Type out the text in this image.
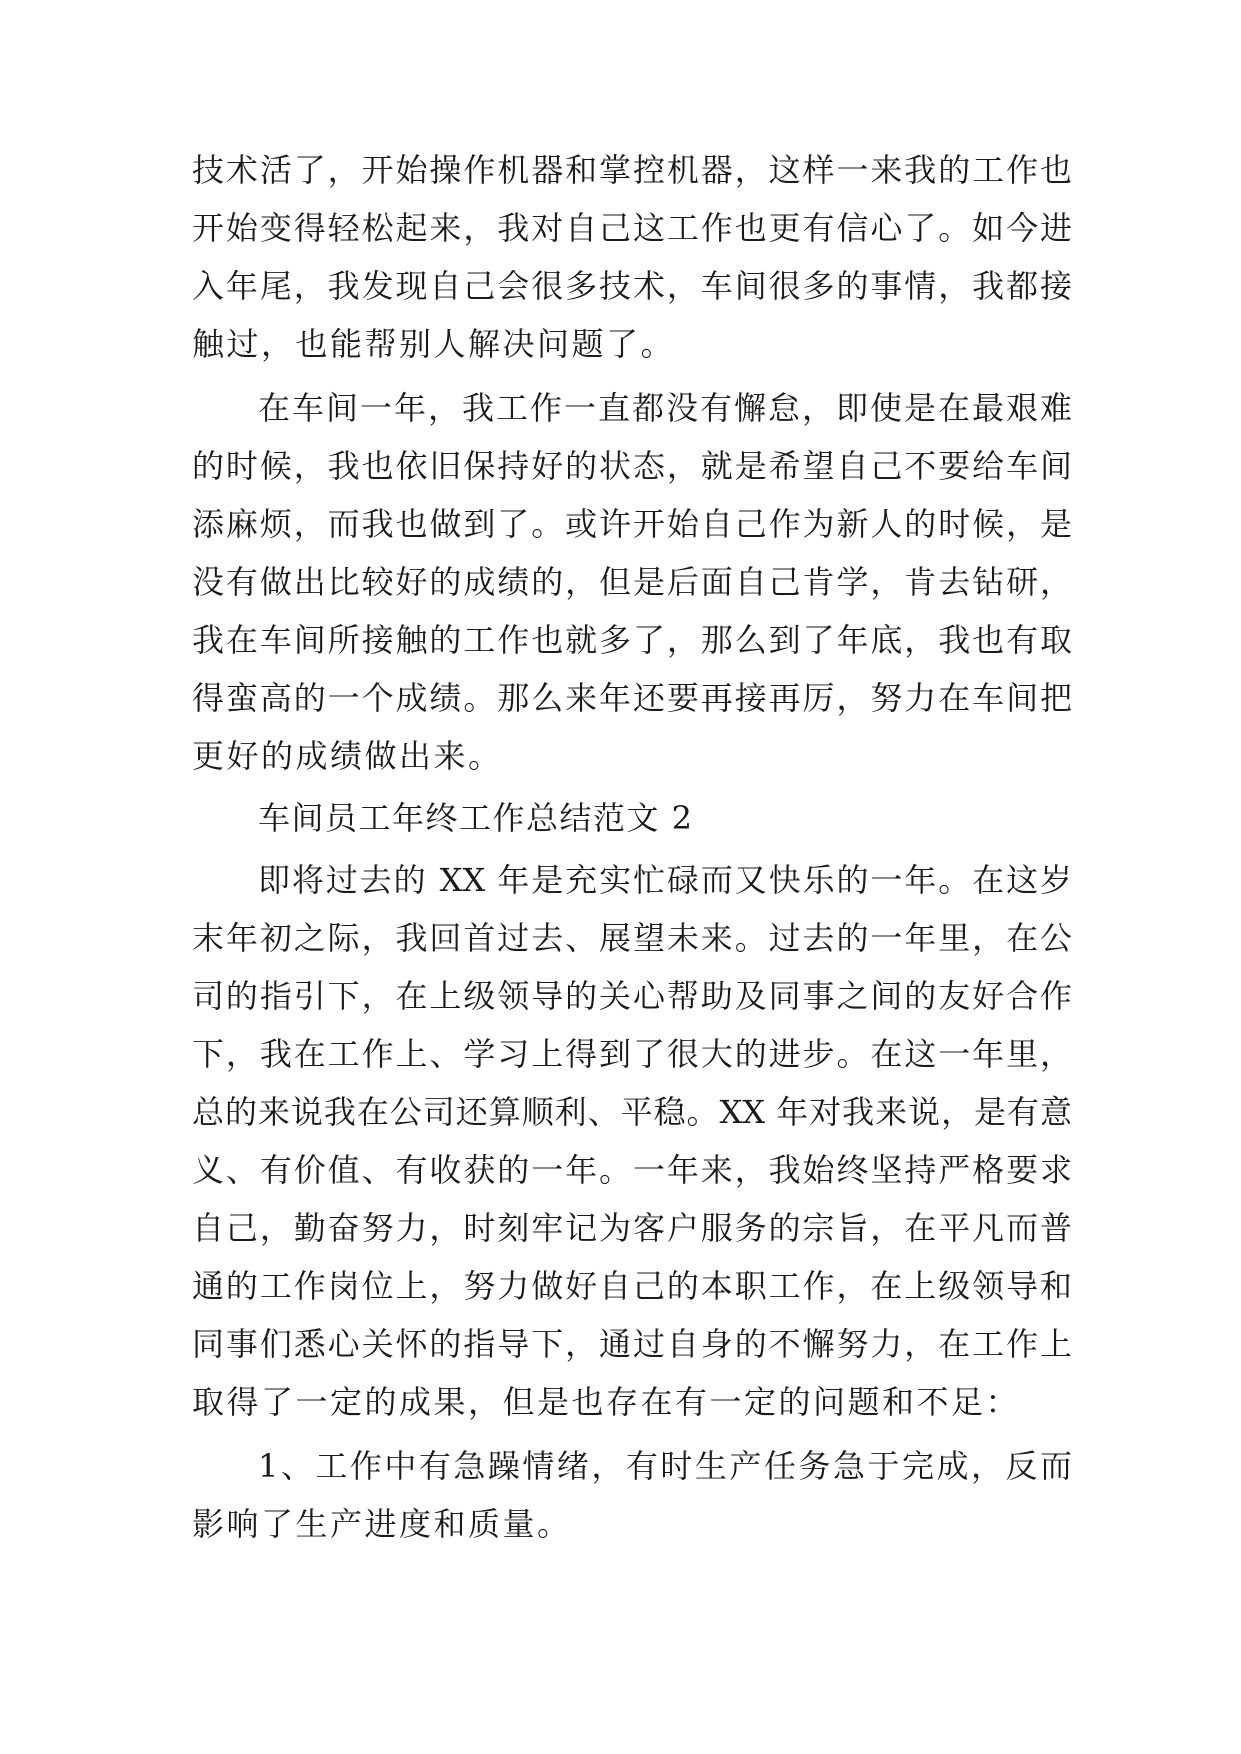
技术活了，开始操作机器和掌控机器，这样一来我的工作也
开始变得轻松起来，我对自己这工作也更有信心了。如今进
入年尾，我发现自己会很多技术，车间很多的事情，我都接
触过，也能帮别人解决问题了。
在车间一年，我工作一直都没有懈怠，即使是在最艰难
的时候，我也依旧保持好的状态，就是希望自己不要给车间
添麻烦，而我也做到了。或许开始自己作为新人的时候，是
没有做出比较好的成绩的，但是后面自己肯学，肯去钻研，
我在车间所接触的工作也就多了，那么到了年底，我也有取
得蛮高的一个成绩。那么来年还要再接再厉，努力在车间把
更好的成绩做出来。
车间员工年终工作总结范文 2
即将过去的 XX 年是充实忙碌而又快乐的一年。在这岁
末年初之际，我回首过去、展望未来。过去的一年里，在公
司的指引下，在上级领导的关心帮助及同事之间的友好合作
下，我在工作上、学习上得到了很大的进步。在这一年里，
总的来说我在公司还算顺利、平稳。XX 年对我来说，是有意
义、有价值、有收获的一年。一年来，我始终坚持严格要求
自己，勤奋努力，时刻牢记为客户服务的宗旨，在平凡而普
通的工作岗位上，努力做好自己的本职工作，在上级领导和
同事们悉心关怀的指导下，通过自身的不懈努力，在工作上
取得了一定的成果，但是也存在有一定的问题和不足：
1、工作中有急躁情绪，有时生产任务急于完成，反而
影响了生产进度和质量。
